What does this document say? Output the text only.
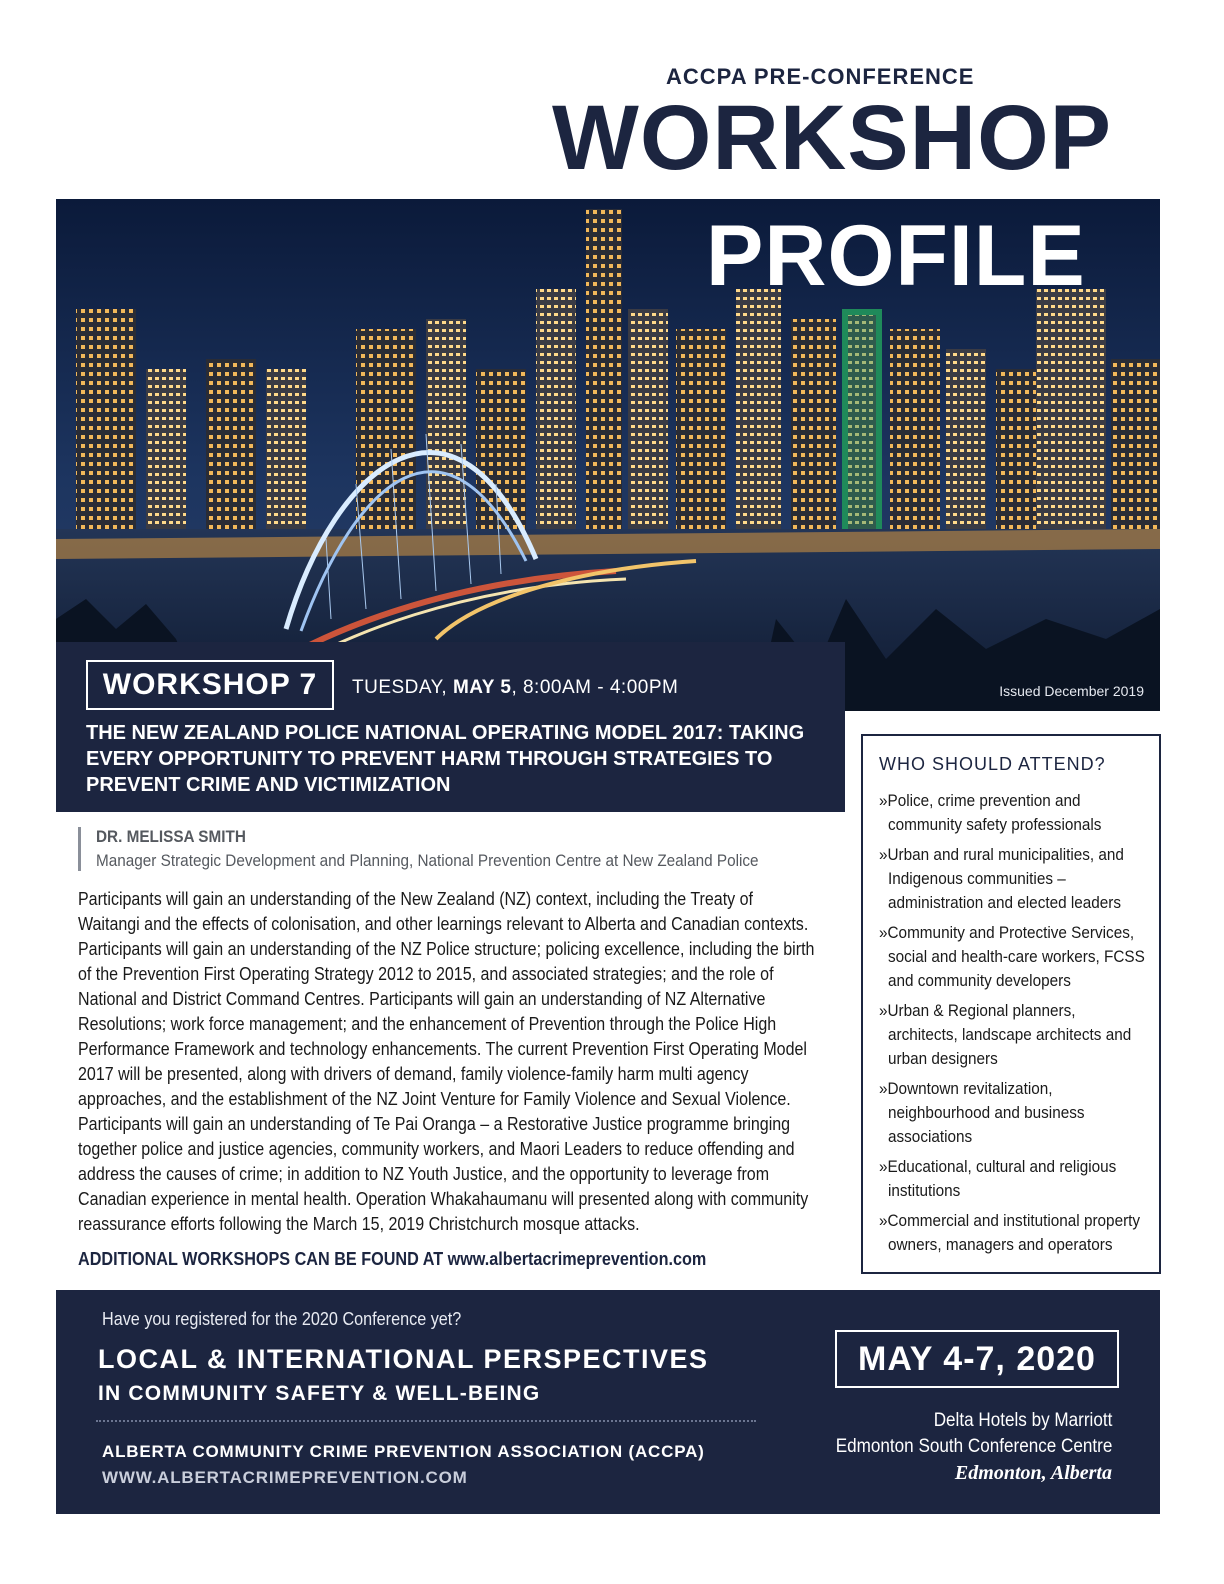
ACCPA PRE-CONFERENCE
WORKSHOP
PROFILE
Issued December 2019
WORKSHOP 7	TUESDAY, MAY 5, 8:00AM - 4:00PM
THE NEW ZEALAND POLICE NATIONAL OPERATING MODEL 2017: TAKING EVERY OPPORTUNITY TO PREVENT HARM THROUGH STRATEGIES TO PREVENT CRIME AND VICTIMIZATION
DR. MELISSA SMITH
Manager Strategic Development and Planning, National Prevention Centre at New Zealand Police
Participants will gain an understanding of the New Zealand (NZ) context, including the Treaty of Waitangi and the effects of colonisation, and other learnings relevant to Alberta and Canadian contexts. Participants will gain an understanding of the NZ Police structure; policing excellence, including the birth of the Prevention First Operating Strategy 2012 to 2015, and associated strategies; and the role of National and District Command Centres. Participants will gain an understanding of NZ Alternative Resolutions; work force management; and the enhancement of Prevention through the Police High Performance Framework and technology enhancements. The current Prevention First Operating Model 2017 will be presented, along with drivers of demand, family violence-family harm multi agency approaches, and the establishment of the NZ Joint Venture for Family Violence and Sexual Violence. Participants will gain an understanding of Te Pai Oranga – a Restorative Justice programme bringing together police and justice agencies, community workers, and Maori Leaders to reduce offending and address the causes of crime; in addition to NZ Youth Justice, and the opportunity to leverage from Canadian experience in mental health. Operation Whakahaumanu will presented along with community reassurance efforts following the March 15, 2019 Christchurch mosque attacks.
ADDITIONAL WORKSHOPS CAN BE FOUND AT www.albertacrimeprevention.com
WHO SHOULD ATTEND?
»Police, crime prevention and community safety professionals
»Urban and rural municipalities, and Indigenous communities – administration and elected leaders
»Community and Protective Services, social and health-care workers, FCSS and community developers
»Urban & Regional planners, architects, landscape architects and urban designers
»Downtown revitalization, neighbourhood and business associations
»Educational, cultural and religious institutions
»Commercial and institutional property owners, managers and operators
Have you registered for the 2020 Conference yet?
LOCAL & INTERNATIONAL PERSPECTIVES
IN COMMUNITY SAFETY & WELL-BEING
ALBERTA COMMUNITY CRIME PREVENTION ASSOCIATION (ACCPA)
WWW.ALBERTACRIMEPREVENTION.COM
MAY 4-7, 2020
Delta Hotels by Marriott
Edmonton South Conference Centre
Edmonton, Alberta
